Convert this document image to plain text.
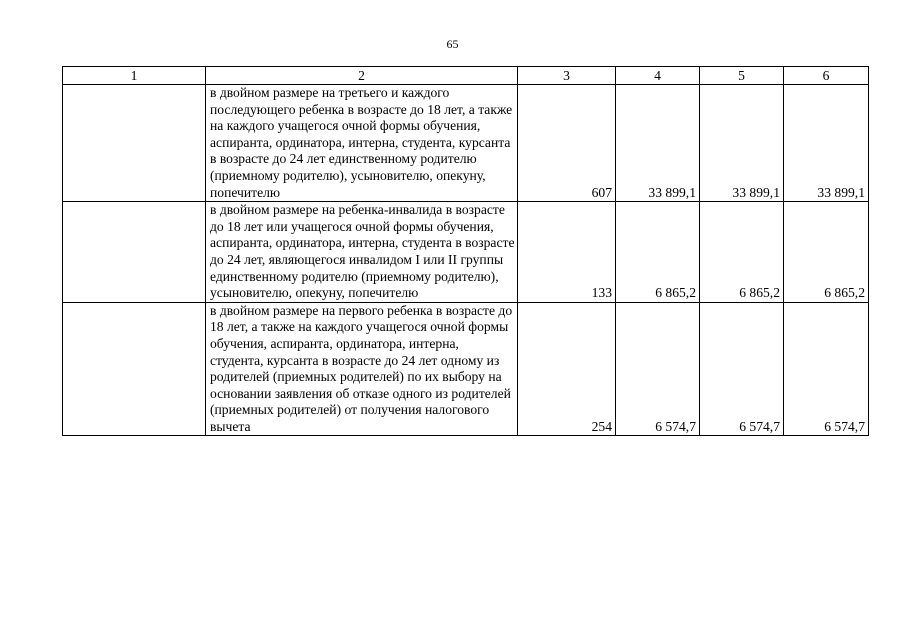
65
1	2	3	4	5	6
	в двойном размере на третьего и каждого последующего ребенка в возрасте до 18 лет, а также на каждого учащегося очной формы обучения, аспиранта, ординатора, интерна, студента, курсанта в возрасте до 24 лет единственному родителю (приемному родителю), усыновителю, опекуну, попечителю	607	33 899,1	33 899,1	33 899,1
	в двойном размере на ребенка-инвалида в возрасте до 18 лет или учащегося очной формы обучения, аспиранта, ординатора, интерна, студента в возрасте до 24 лет, являющегося инвалидом I или II группы единственному родителю (приемному родителю), усыновителю, опекуну, попечителю	133	6 865,2	6 865,2	6 865,2
	в двойном размере на первого ребенка в возрасте до 18 лет, а также на каждого учащегося очной формы обучения, аспиранта, ординатора, интерна, студента, курсанта в возрасте до 24 лет одному из родителей (приемных родителей) по их выбору на основании заявления об отказе одного из родителей (приемных родителей) от получения налогового вычета	254	6 574,7	6 574,7	6 574,7
